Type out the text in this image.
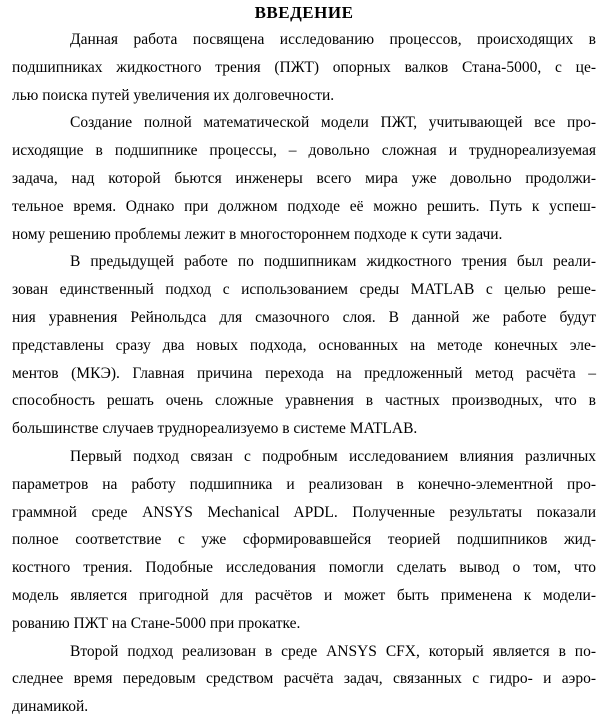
ВВЕДЕНИЕ
Данная работа посвящена исследованию процессов, происходящих в
подшипниках жидкостного трения (ПЖТ) опорных валков Стана-5000, с це-
лью поиска путей увеличения их долговечности.
Создание полной математической модели ПЖТ, учитывающей все про-
исходящие в подшипнике процессы, – довольно сложная и труднореализуемая
задача, над которой бьются инженеры всего мира уже довольно продолжи-
тельное время. Однако при должном подходе её можно решить. Путь к успеш-
ному решению проблемы лежит в многостороннем подходе к сути задачи.
В предыдущей работе по подшипникам жидкостного трения был реали-
зован единственный подход с использованием среды MATLAB с целью реше-
ния уравнения Рейнольдса для смазочного слоя. В данной же работе будут
представлены сразу два новых подхода, основанных на методе конечных эле-
ментов (МКЭ). Главная причина перехода на предложенный метод расчёта –
способность решать очень сложные уравнения в частных производных, что в
большинстве случаев труднореализуемо в системе MATLAB.
Первый подход связан с подробным исследованием влияния различных
параметров на работу подшипника и реализован в конечно-элементной про-
граммной среде ANSYS Mechanical APDL. Полученные результаты показали
полное соответствие с уже сформировавшейся теорией подшипников жид-
костного трения. Подобные исследования помогли сделать вывод о том, что
модель является пригодной для расчётов и может быть применена к модели-
рованию ПЖТ на Стане-5000 при прокатке.
Второй подход реализован в среде ANSYS CFX, который является в по-
следнее время передовым средством расчёта задач, связанных с гидро- и аэро-
динамикой.
